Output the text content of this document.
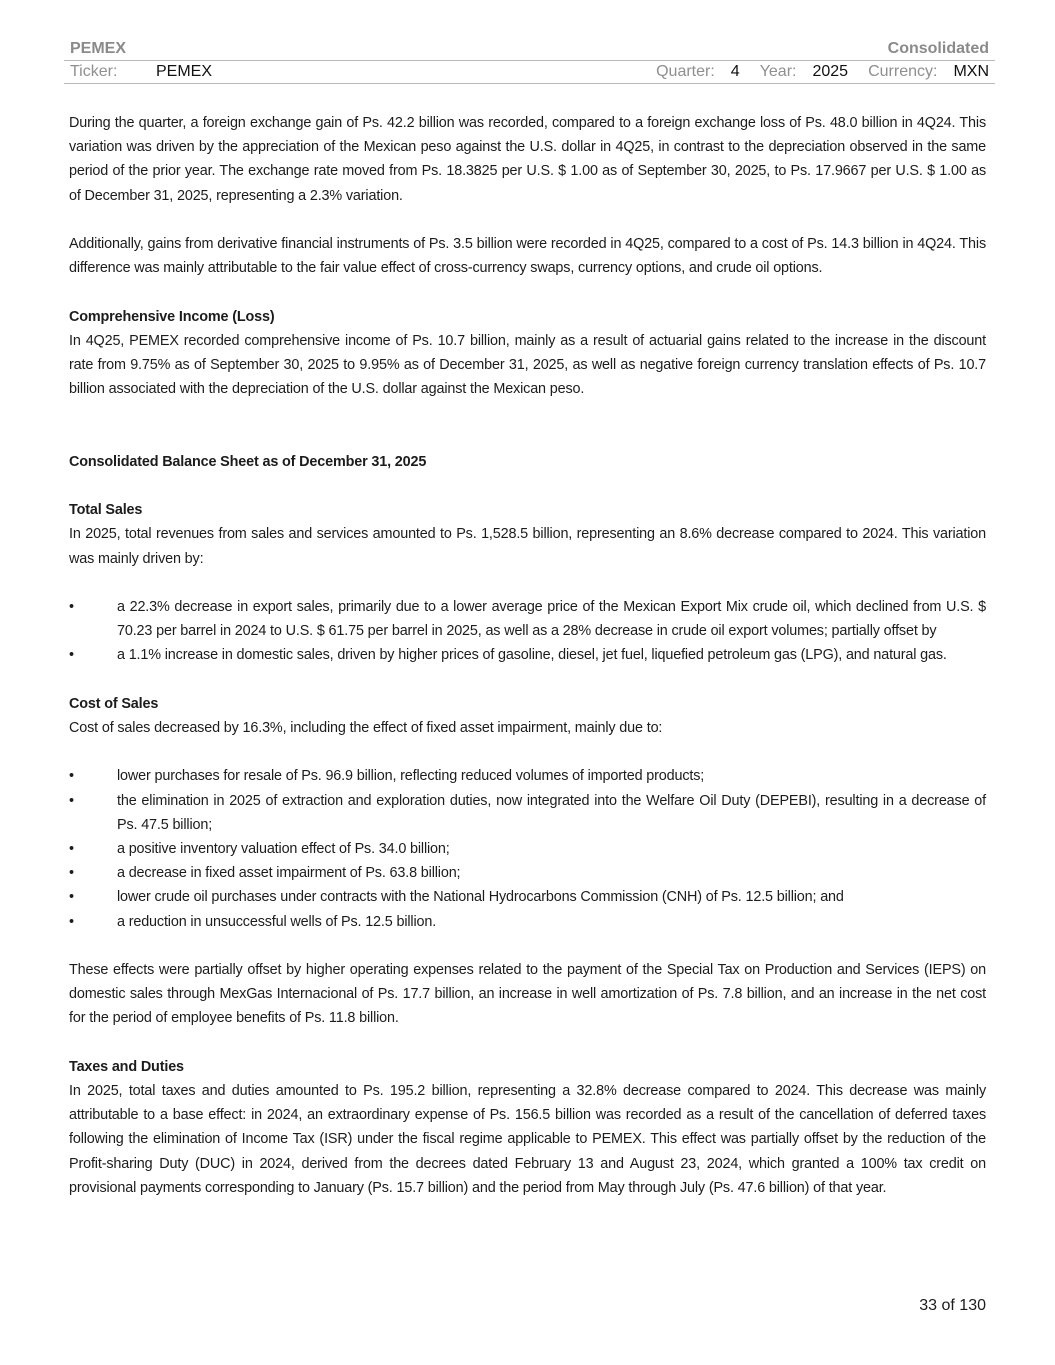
PEMEX	Consolidated
Ticker:	PEMEX	Quarter: 4 Year: 2025 Currency: MXN

During the quarter, a foreign exchange gain of Ps. 42.2 billion was recorded, compared to a foreign exchange loss of Ps. 48.0 billion in 4Q24. This variation was driven by the appreciation of the Mexican peso against the U.S. dollar in 4Q25, in contrast to the depreciation observed in the same period of the prior year. The exchange rate moved from Ps. 18.3825 per U.S. $ 1.00 as of September 30, 2025, to Ps. 17.9667 per U.S. $ 1.00 as of December 31, 2025, representing a 2.3% variation.

Additionally, gains from derivative financial instruments of Ps. 3.5 billion were recorded in 4Q25, compared to a cost of Ps. 14.3 billion in 4Q24. This difference was mainly attributable to the fair value effect of cross-currency swaps, currency options, and crude oil options.

Comprehensive Income (Loss)

In 4Q25, PEMEX recorded comprehensive income of Ps. 10.7 billion, mainly as a result of actuarial gains related to the increase in the discount rate from 9.75% as of September 30, 2025 to 9.95% as of December 31, 2025, as well as negative foreign currency translation effects of Ps. 10.7 billion associated with the depreciation of the U.S. dollar against the Mexican peso.

Consolidated Balance Sheet as of December 31, 2025

Total Sales

In 2025, total revenues from sales and services amounted to Ps. 1,528.5 billion, representing an 8.6% decrease compared to 2024. This variation was mainly driven by:

•	a 22.3% decrease in export sales, primarily due to a lower average price of the Mexican Export Mix crude oil, which declined from U.S. $ 70.23 per barrel in 2024 to U.S. $ 61.75 per barrel in 2025, as well as a 28% decrease in crude oil export volumes; partially offset by
•	a 1.1% increase in domestic sales, driven by higher prices of gasoline, diesel, jet fuel, liquefied petroleum gas (LPG), and natural gas.

Cost of Sales

Cost of sales decreased by 16.3%, including the effect of fixed asset impairment, mainly due to:

•	lower purchases for resale of Ps. 96.9 billion, reflecting reduced volumes of imported products;
•	the elimination in 2025 of extraction and exploration duties, now integrated into the Welfare Oil Duty (DEPEBI), resulting in a decrease of Ps. 47.5 billion;
•	a positive inventory valuation effect of Ps. 34.0 billion;
•	a decrease in fixed asset impairment of Ps. 63.8 billion;
•	lower crude oil purchases under contracts with the National Hydrocarbons Commission (CNH) of Ps. 12.5 billion; and
•	a reduction in unsuccessful wells of Ps. 12.5 billion.

These effects were partially offset by higher operating expenses related to the payment of the Special Tax on Production and Services (IEPS) on domestic sales through MexGas Internacional of Ps. 17.7 billion, an increase in well amortization of Ps. 7.8 billion, and an increase in the net cost for the period of employee benefits of Ps. 11.8 billion.

Taxes and Duties

In 2025, total taxes and duties amounted to Ps. 195.2 billion, representing a 32.8% decrease compared to 2024. This decrease was mainly attributable to a base effect: in 2024, an extraordinary expense of Ps. 156.5 billion was recorded as a result of the cancellation of deferred taxes following the elimination of Income Tax (ISR) under the fiscal regime applicable to PEMEX. This effect was partially offset by the reduction of the Profit-sharing Duty (DUC) in 2024, derived from the decrees dated February 13 and August 23, 2024, which granted a 100% tax credit on provisional payments corresponding to January (Ps. 15.7 billion) and the period from May through July (Ps. 47.6 billion) of that year.

33 of 130
